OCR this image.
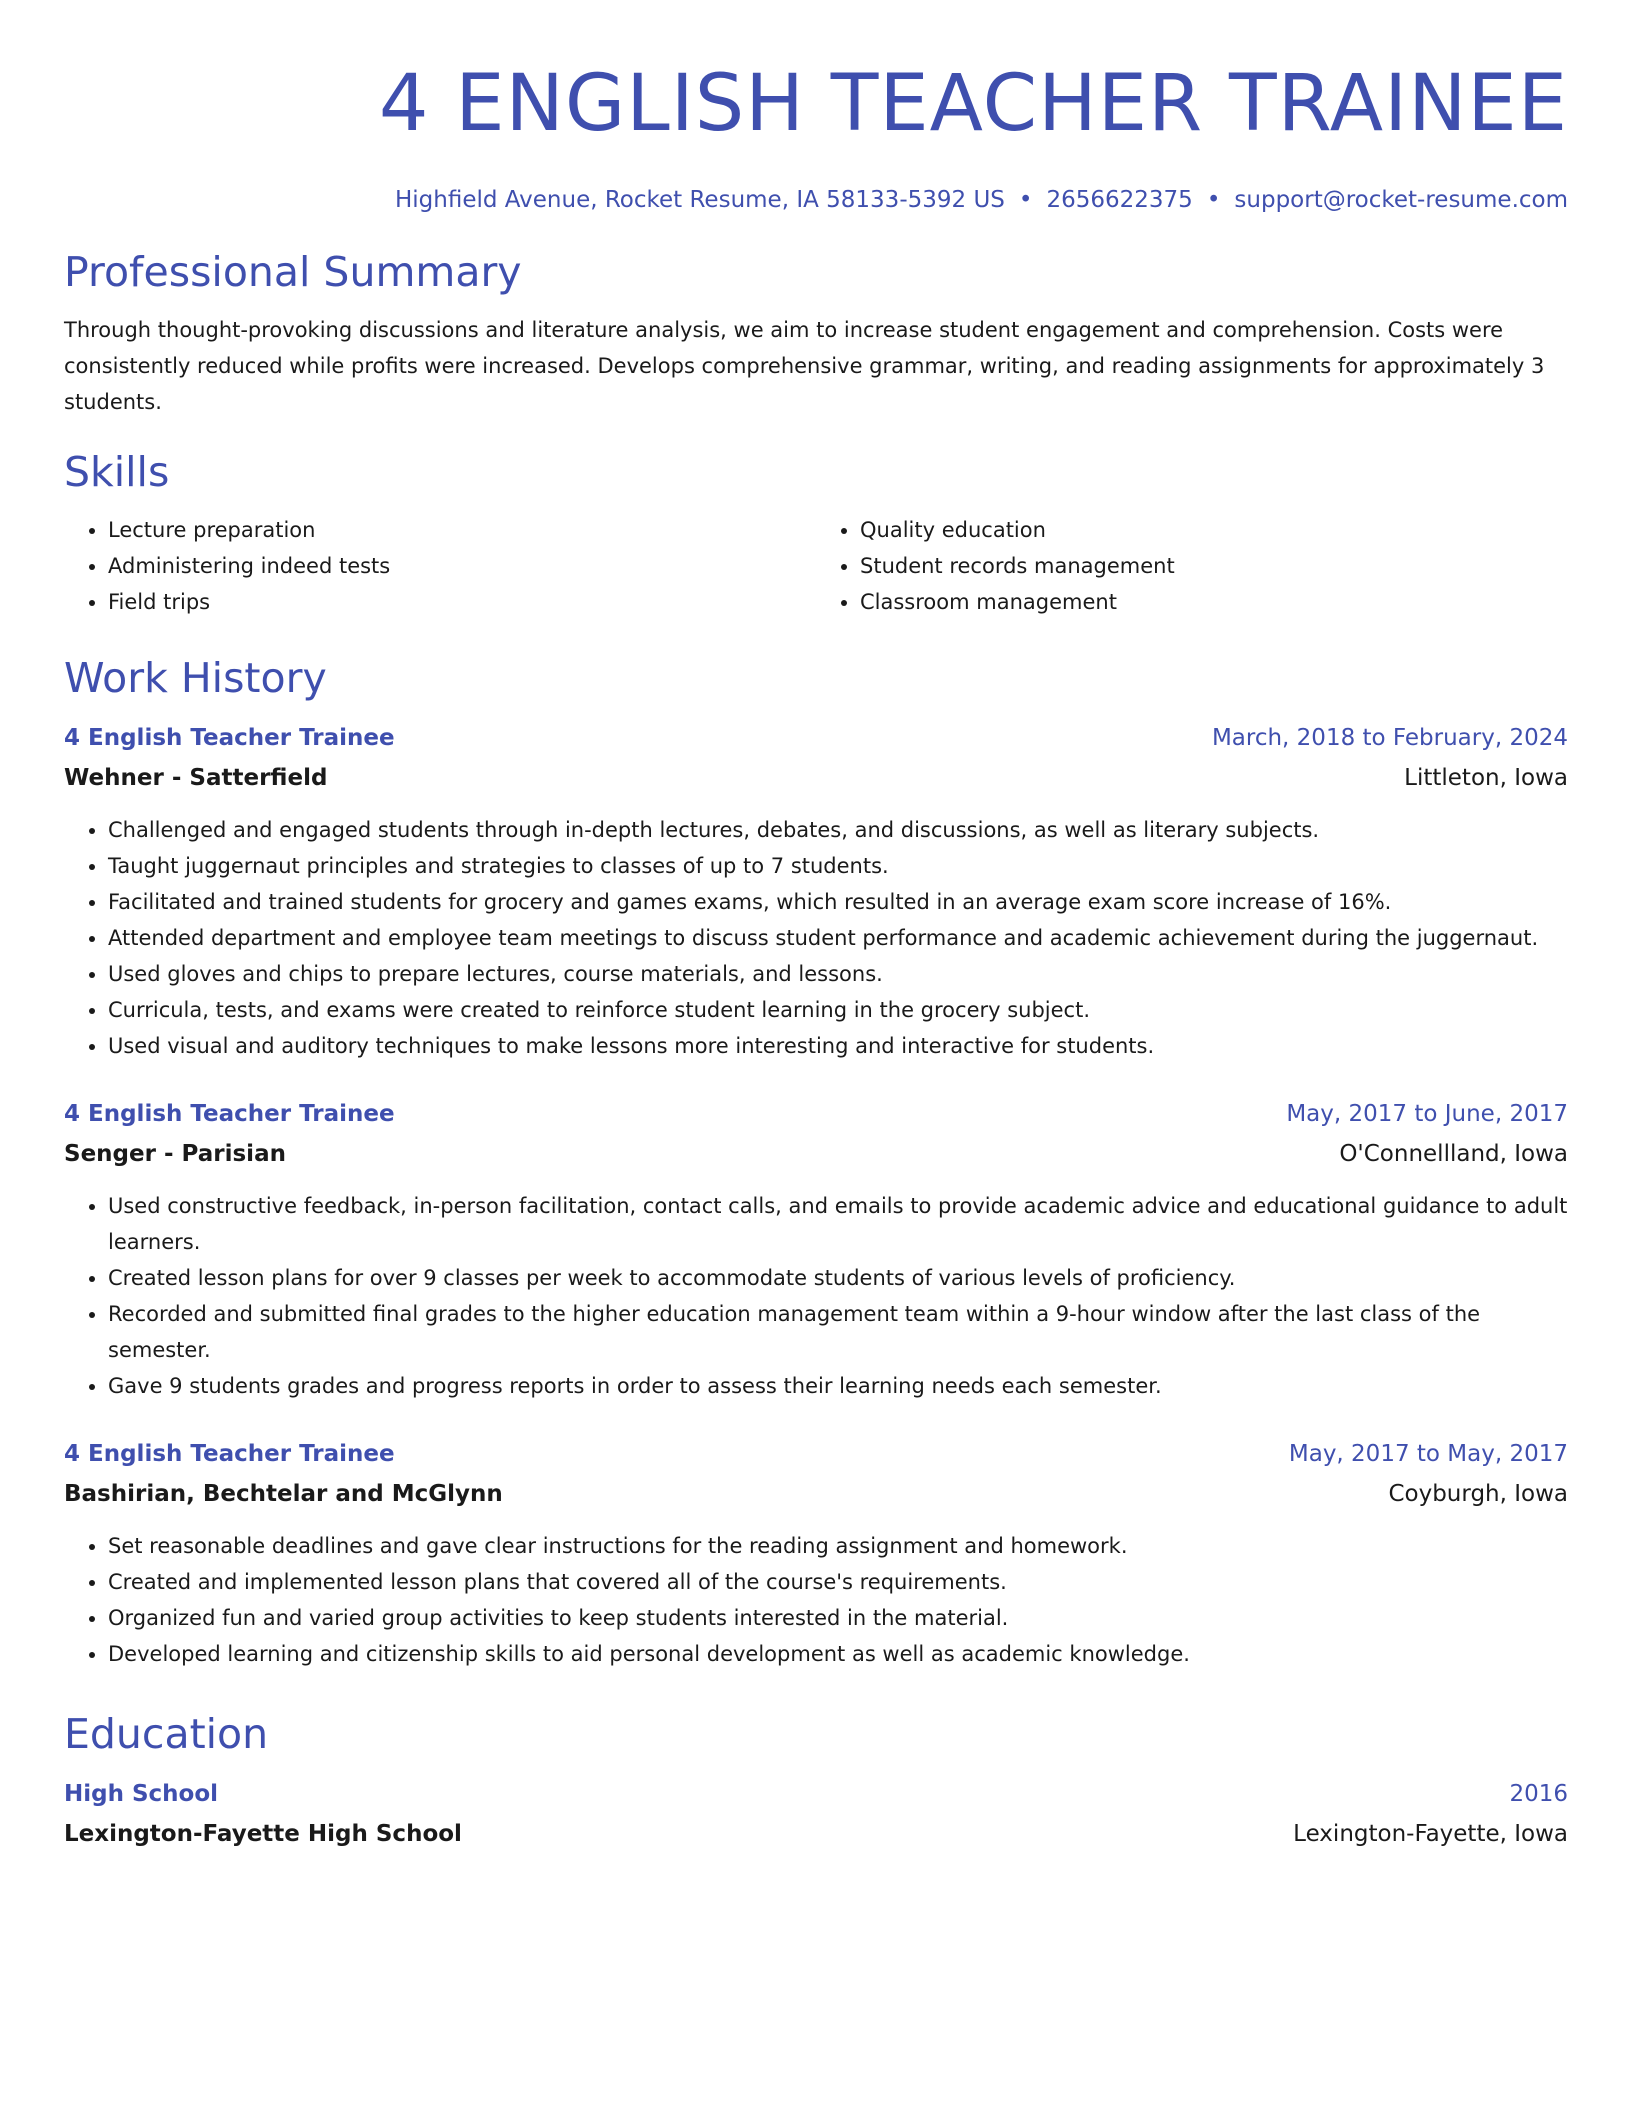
4 ENGLISH TEACHER TRAINEE
Highfield Avenue, Rocket Resume, IA 58133-5392 US • 2656622375 • support@rocket-resume.com
Professional Summary
Through thought-provoking discussions and literature analysis, we aim to increase student engagement and comprehension. Costs were consistently reduced while profits were increased. Develops comprehensive grammar, writing, and reading assignments for approximately 3 students.
Skills
• Lecture preparation
• Administering indeed tests
• Field trips
• Quality education
• Student records management
• Classroom management
Work History
4 English Teacher Trainee	March, 2018 to February, 2024
Wehner - Satterfield	Littleton, Iowa
• Challenged and engaged students through in-depth lectures, debates, and discussions, as well as literary subjects.
• Taught juggernaut principles and strategies to classes of up to 7 students.
• Facilitated and trained students for grocery and games exams, which resulted in an average exam score increase of 16%.
• Attended department and employee team meetings to discuss student performance and academic achievement during the juggernaut.
• Used gloves and chips to prepare lectures, course materials, and lessons.
• Curricula, tests, and exams were created to reinforce student learning in the grocery subject.
• Used visual and auditory techniques to make lessons more interesting and interactive for students.
4 English Teacher Trainee	May, 2017 to June, 2017
Senger - Parisian	O'Connellland, Iowa
• Used constructive feedback, in-person facilitation, contact calls, and emails to provide academic advice and educational guidance to adult learners.
• Created lesson plans for over 9 classes per week to accommodate students of various levels of proficiency.
• Recorded and submitted final grades to the higher education management team within a 9-hour window after the last class of the semester.
• Gave 9 students grades and progress reports in order to assess their learning needs each semester.
4 English Teacher Trainee	May, 2017 to May, 2017
Bashirian, Bechtelar and McGlynn	Coyburgh, Iowa
• Set reasonable deadlines and gave clear instructions for the reading assignment and homework.
• Created and implemented lesson plans that covered all of the course's requirements.
• Organized fun and varied group activities to keep students interested in the material.
• Developed learning and citizenship skills to aid personal development as well as academic knowledge.
Education
High School	2016
Lexington-Fayette High School	Lexington-Fayette, Iowa
